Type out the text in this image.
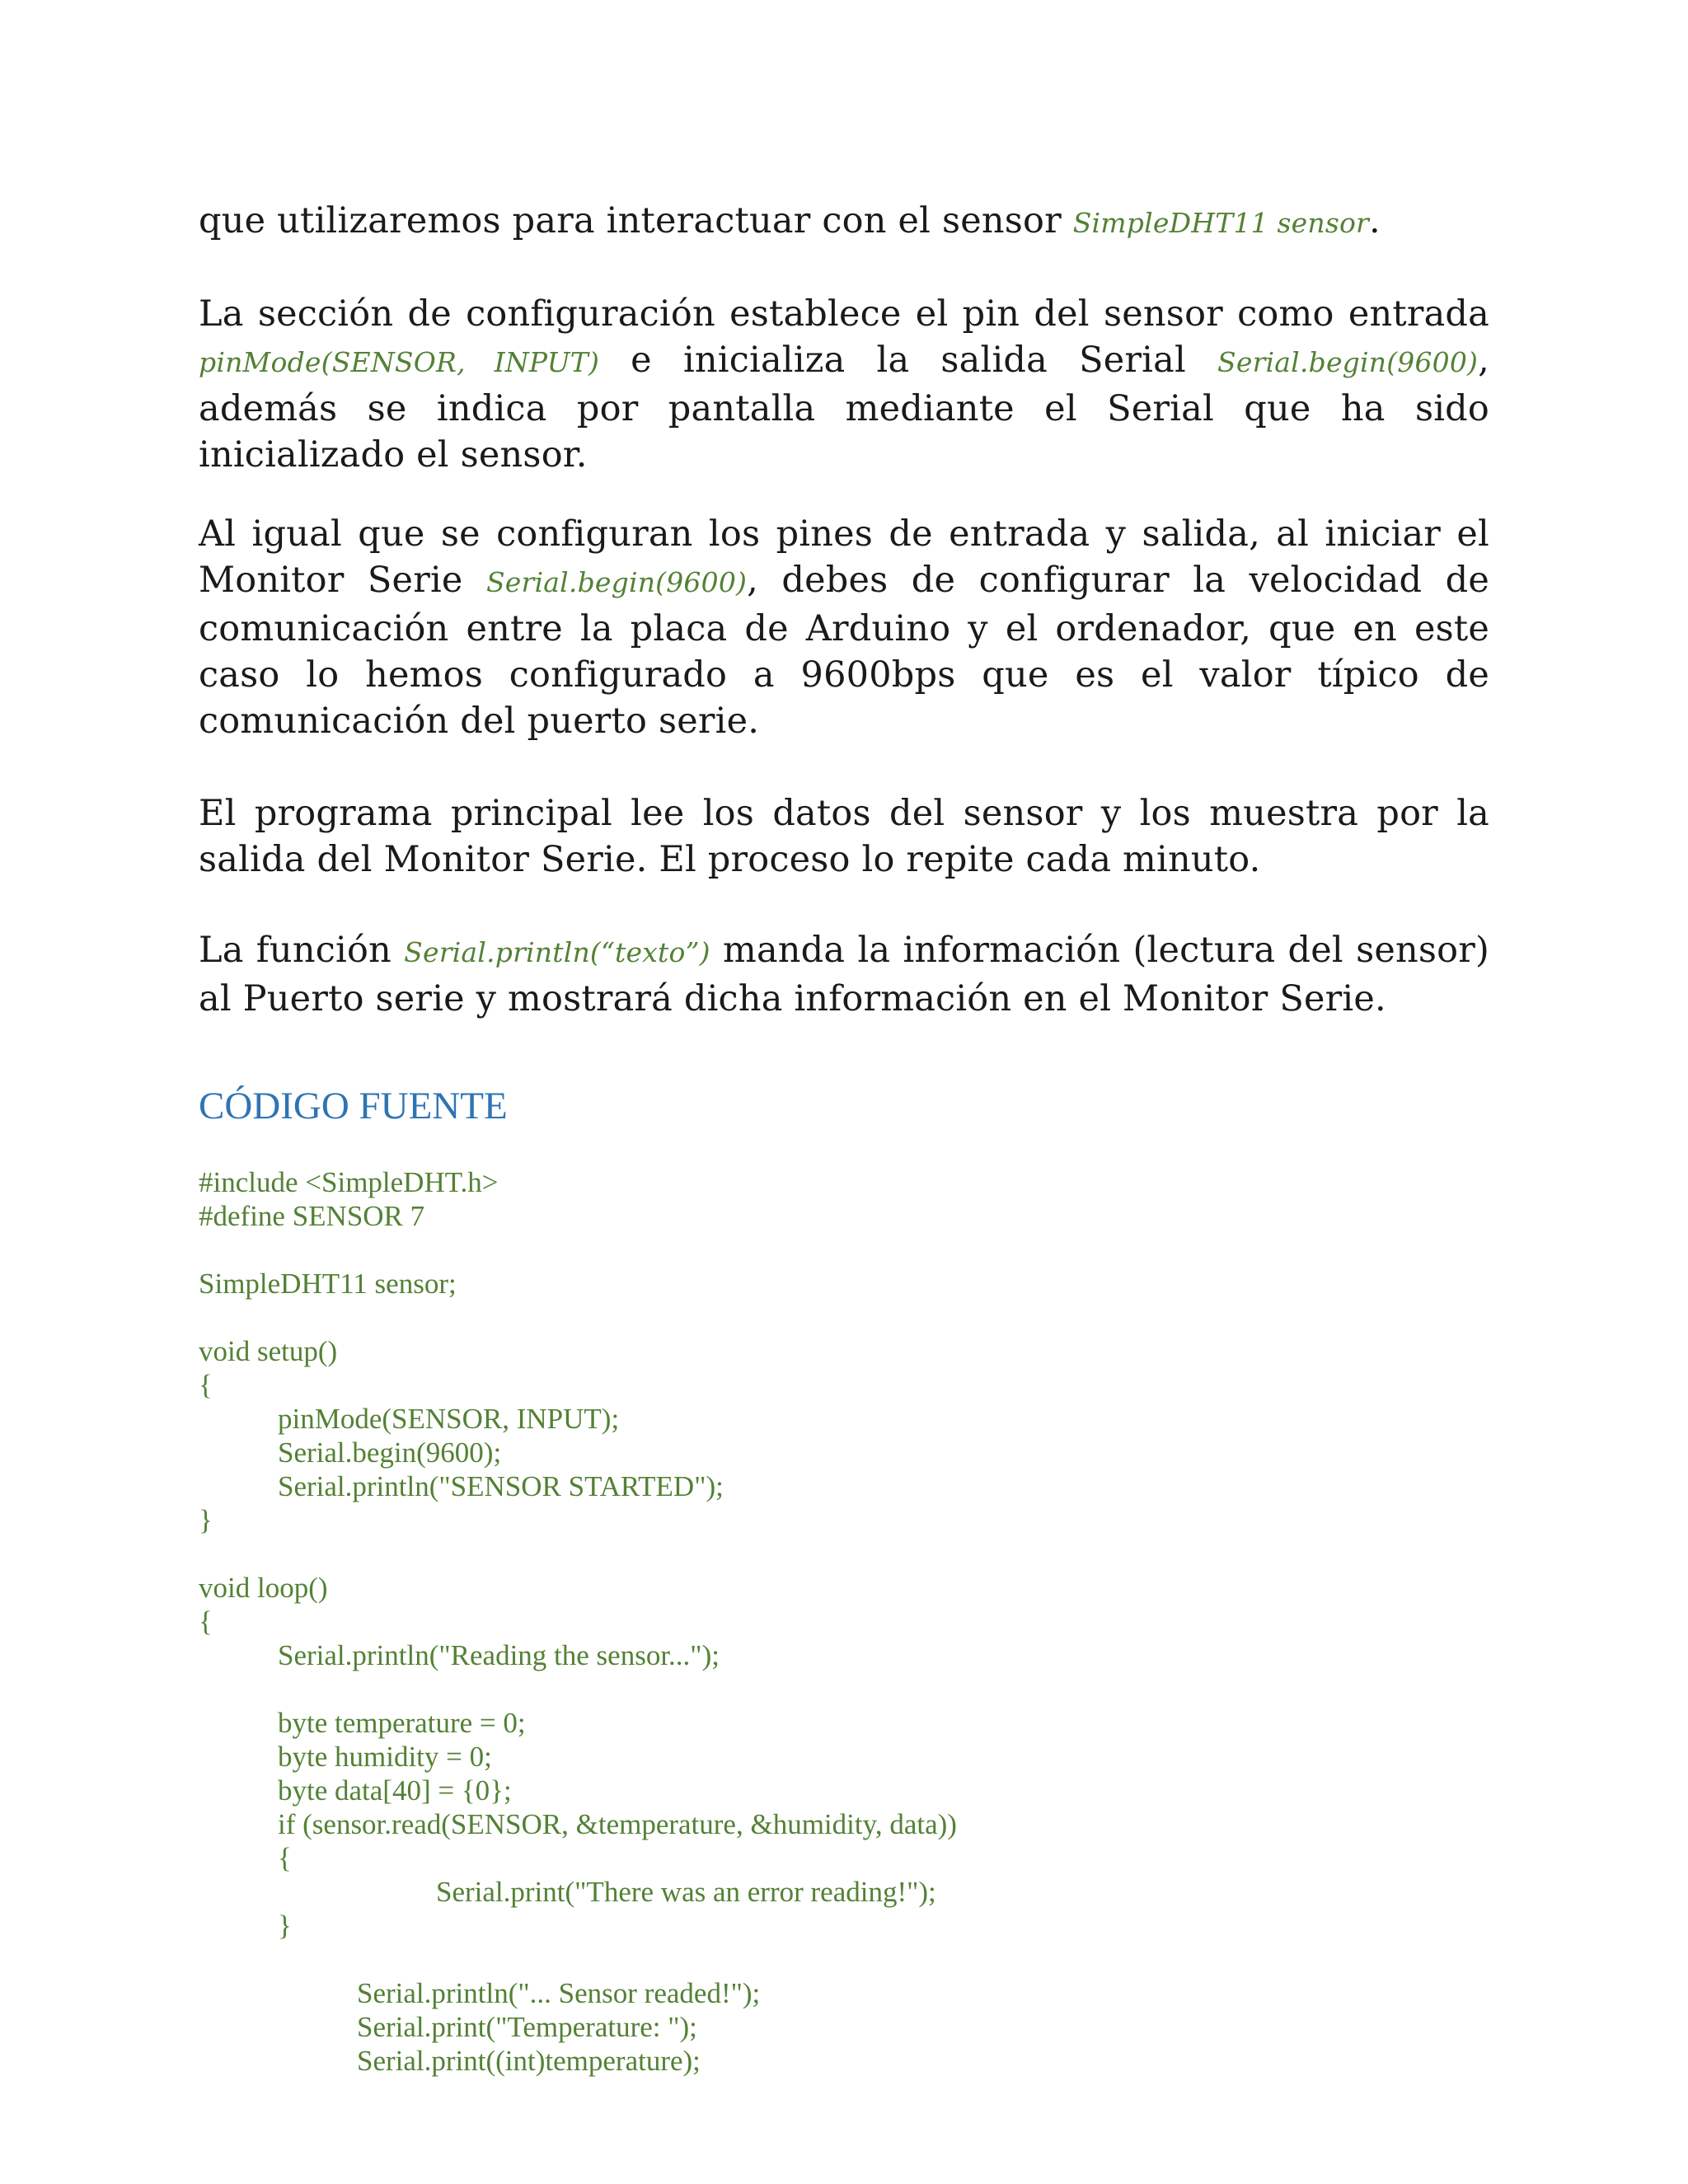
que utilizaremos para interactuar con el sensor SimpleDHT11 sensor.

La sección de configuración establece el pin del sensor como entrada pinMode(SENSOR, INPUT) e inicializa la salida Serial Serial.begin(9600), además se indica por pantalla mediante el Serial que ha sido inicializado el sensor.

Al igual que se configuran los pines de entrada y salida, al iniciar el Monitor Serie Serial.begin(9600), debes de configurar la velocidad de comunicación entre la placa de Arduino y el ordenador, que en este caso lo hemos configurado a 9600bps que es el valor típico de comunicación del puerto serie.

El programa principal lee los datos del sensor y los muestra por la salida del Monitor Serie. El proceso lo repite cada minuto.

La función Serial.println(“texto”) manda la información (lectura del sensor) al Puerto serie y mostrará dicha información en el Monitor Serie.

CÓDIGO FUENTE
#include <SimpleDHT.h>
#define SENSOR 7
SimpleDHT11 sensor;
void setup()
{
pinMode(SENSOR, INPUT);
Serial.begin(9600);
Serial.println("SENSOR STARTED");
}
void loop()
{
Serial.println("Reading the sensor...");
byte temperature = 0;
byte humidity = 0;
byte data[40] = {0};
if (sensor.read(SENSOR, &temperature, &humidity, data))
{
Serial.print("There was an error reading!");
}
Serial.println("... Sensor readed!");
Serial.print("Temperature: ");
Serial.print((int)temperature);
